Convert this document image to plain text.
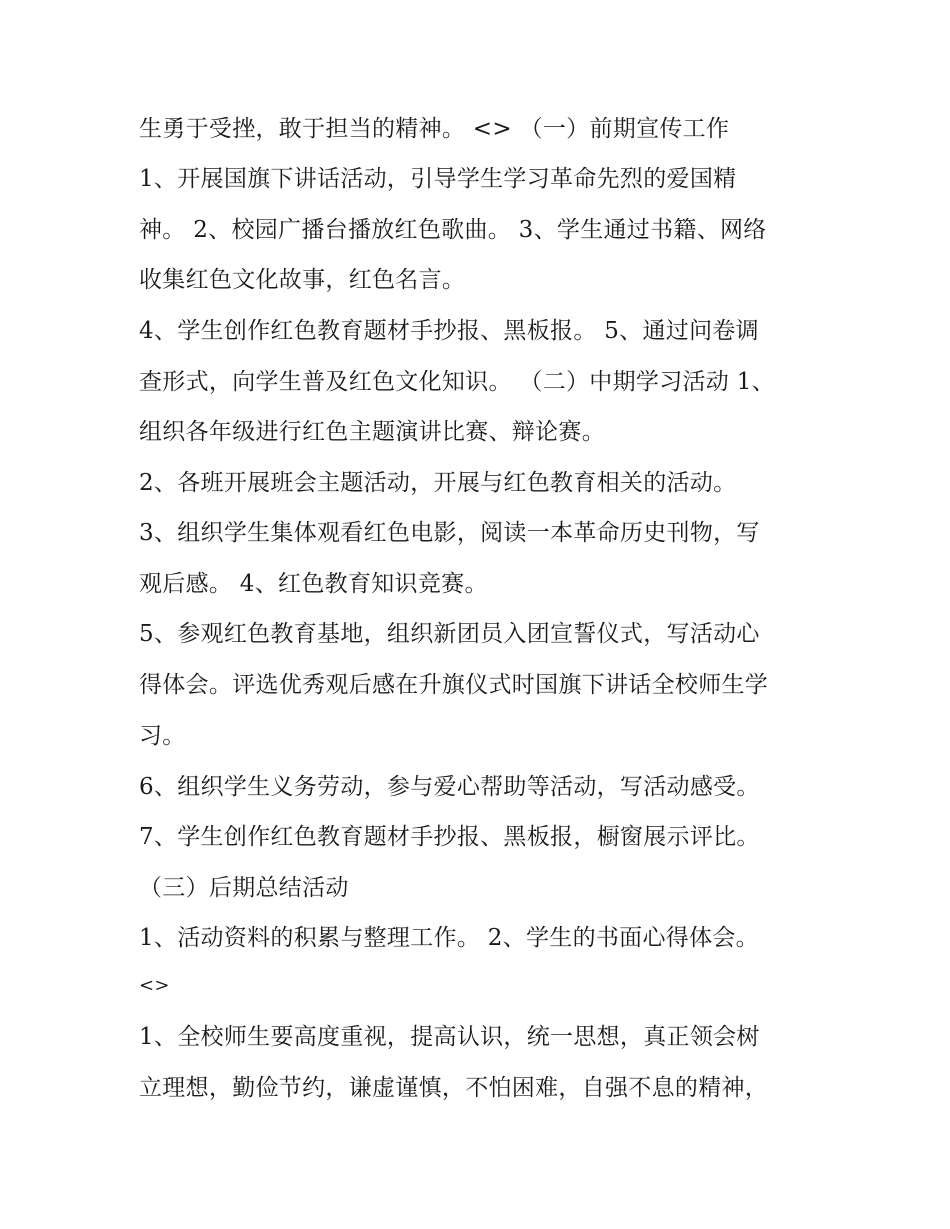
生勇于受挫，敢于担当的精神。 <> （一）前期宣传工作
1、开展国旗下讲话活动，引导学生学习革命先烈的爱国精
神。 2、校园广播台播放红色歌曲。 3、学生通过书籍、网络
收集红色文化故事，红色名言。
4、学生创作红色教育题材手抄报、黑板报。 5、通过问卷调
查形式，向学生普及红色文化知识。 （二）中期学习活动 1、
组织各年级进行红色主题演讲比赛、辩论赛。
2、各班开展班会主题活动，开展与红色教育相关的活动。
3、组织学生集体观看红色电影，阅读一本革命历史刊物，写
观后感。 4、红色教育知识竞赛。
5、参观红色教育基地，组织新团员入团宣誓仪式，写活动心
得体会。评选优秀观后感在升旗仪式时国旗下讲话全校师生学
习。
6、组织学生义务劳动，参与爱心帮助等活动，写活动感受。
7、学生创作红色教育题材手抄报、黑板报，橱窗展示评比。
（三）后期总结活动
1、活动资料的积累与整理工作。 2、学生的书面心得体会。
<>
1、全校师生要高度重视，提高认识，统一思想，真正领会树
立理想，勤俭节约，谦虚谨慎，不怕困难，自强不息的精神，
